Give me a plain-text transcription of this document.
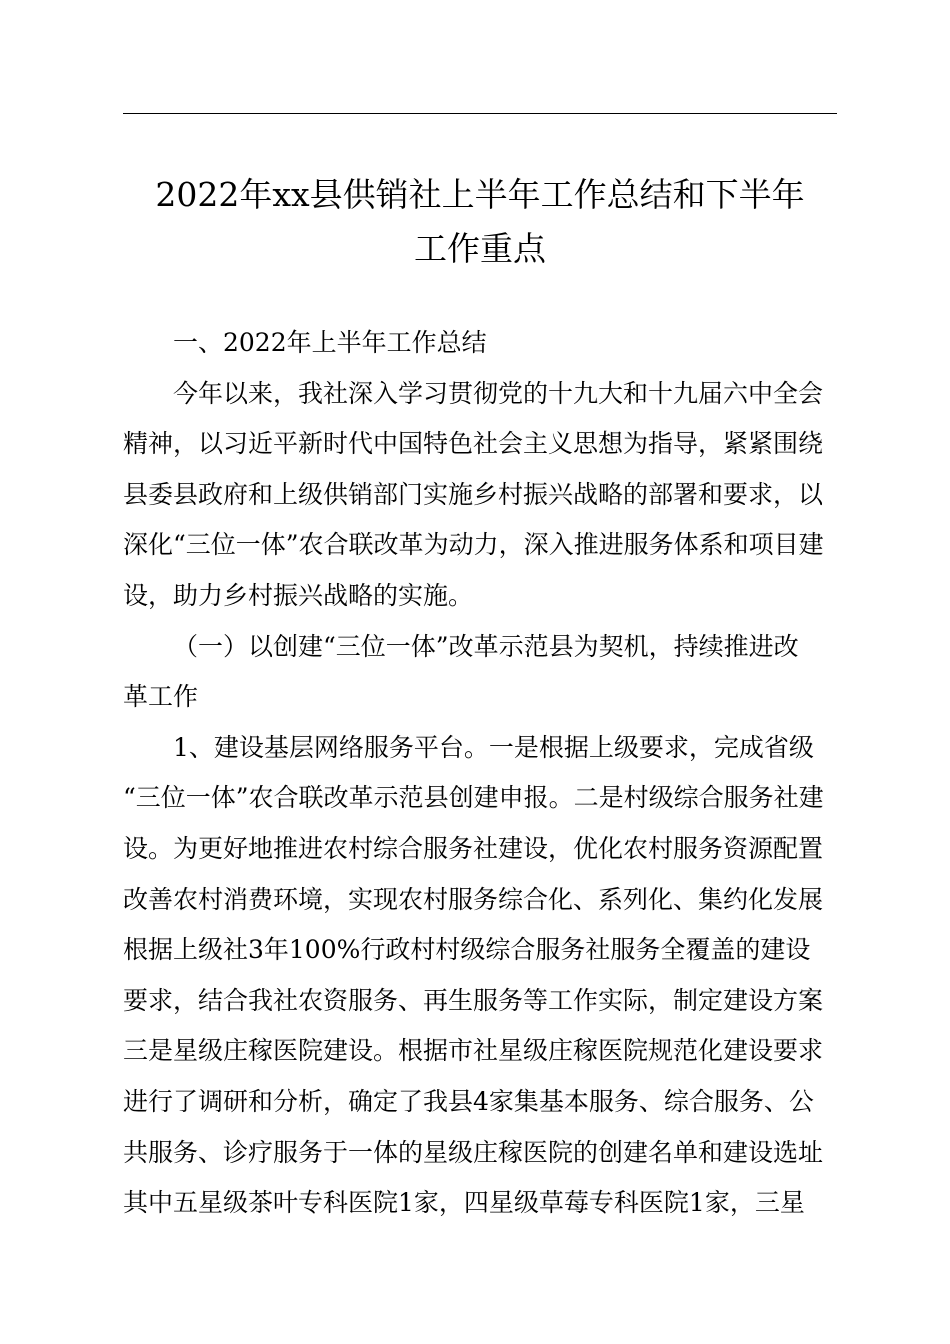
2022年xx县供销社上半年工作总结和下半年
工作重点
一、2022年上半年工作总结
今年以来，我社深入学习贯彻党的十九大和十九届六中全会
精神，以习近平新时代中国特色社会主义思想为指导，紧紧围绕
县委县政府和上级供销部门实施乡村振兴战略的部署和要求，以
深化“三位一体”农合联改革为动力，深入推进服务体系和项目建
设，助力乡村振兴战略的实施。
（一）以创建“三位一体”改革示范县为契机，持续推进改
革工作
1、建设基层网络服务平台。一是根据上级要求，完成省级
“三位一体”农合联改革示范县创建申报。二是村级综合服务社建
设。为更好地推进农村综合服务社建设，优化农村服务资源配置
改善农村消费环境，实现农村服务综合化、系列化、集约化发展
根据上级社3年100%行政村村级综合服务社服务全覆盖的建设
要求，结合我社农资服务、再生服务等工作实际，制定建设方案
三是星级庄稼医院建设。根据市社星级庄稼医院规范化建设要求
进行了调研和分析，确定了我县4家集基本服务、综合服务、公
共服务、诊疗服务于一体的星级庄稼医院的创建名单和建设选址
其中五星级茶叶专科医院1家，四星级草莓专科医院1家，三星
